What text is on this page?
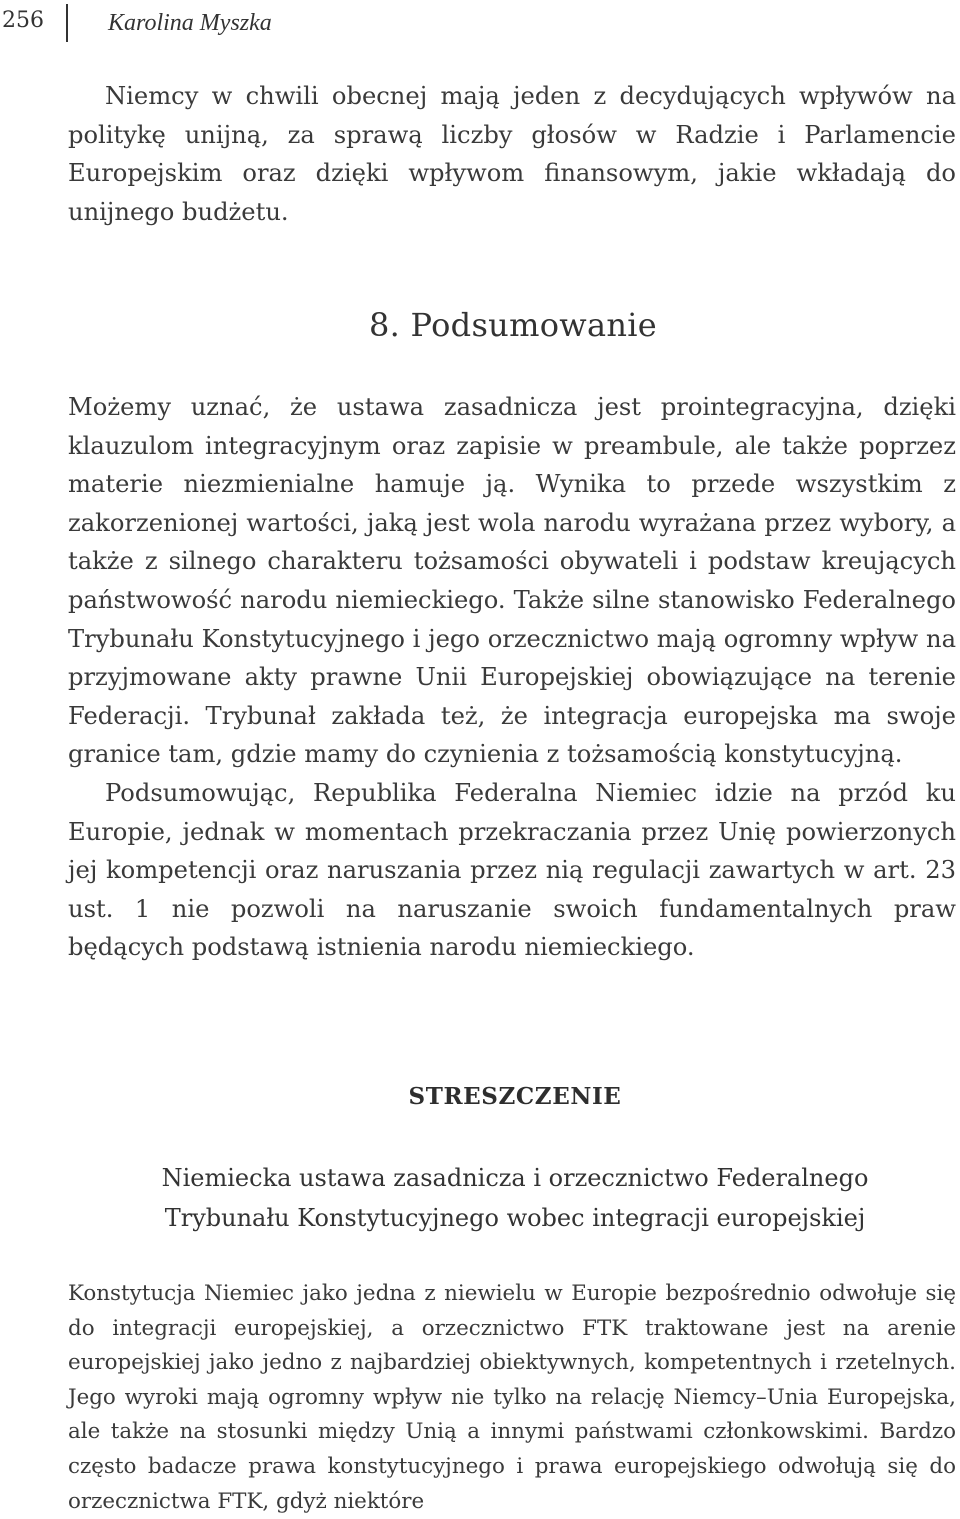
256	Karolina Myszka

Niemcy w chwili obecnej mają jeden z decydujących wpływów na politykę unijną, za sprawą liczby głosów w Radzie i Parlamencie Europejskim oraz dzięki wpływom finansowym, jakie wkładają do unijnego budżetu.

8. Podsumowanie

Możemy uznać, że ustawa zasadnicza jest prointegracyjna, dzięki klauzulom integracyjnym oraz zapisie w preambule, ale także poprzez materie niezmienialne hamuje ją. Wynika to przede wszystkim z zakorzenionej wartości, jaką jest wola narodu wyrażana przez wybory, a także z silnego charakteru tożsamości obywateli i podstaw kreujących państwowość narodu niemieckiego. Także silne stanowisko Federalnego Trybunału Konstytucyjnego i jego orzecznictwo mają ogromny wpływ na przyjmowane akty prawne Unii Europejskiej obowiązujące na terenie Federacji. Trybunał zakłada też, że integracja europejska ma swoje granice tam, gdzie mamy do czynienia z tożsamością konstytucyjną.

Podsumowując, Republika Federalna Niemiec idzie na przód ku Europie, jednak w momentach przekraczania przez Unię powierzonych jej kompetencji oraz naruszania przez nią regulacji zawartych w art. 23 ust. 1 nie pozwoli na naruszanie swoich fundamentalnych praw będących podstawą istnienia narodu niemieckiego.

STRESZCZENIE
Niemiecka ustawa zasadnicza i orzecznictwo Federalnego
Trybunału Konstytucyjnego wobec integracji europejskiej

Konstytucja Niemiec jako jedna z niewielu w Europie bezpośrednio odwołuje się do integracji europejskiej, a orzecznictwo FTK traktowane jest na arenie europejskiej jako jedno z najbardziej obiektywnych, kompetentnych i rzetelnych. Jego wyroki mają ogromny wpływ nie tylko na relację Niemcy–Unia Europejska, ale także na stosunki między Unią a innymi państwami członkowskimi. Bardzo często badacze prawa konstytucyjnego i prawa europejskiego odwołują się do orzecznictwa FTK, gdyż niektóre
